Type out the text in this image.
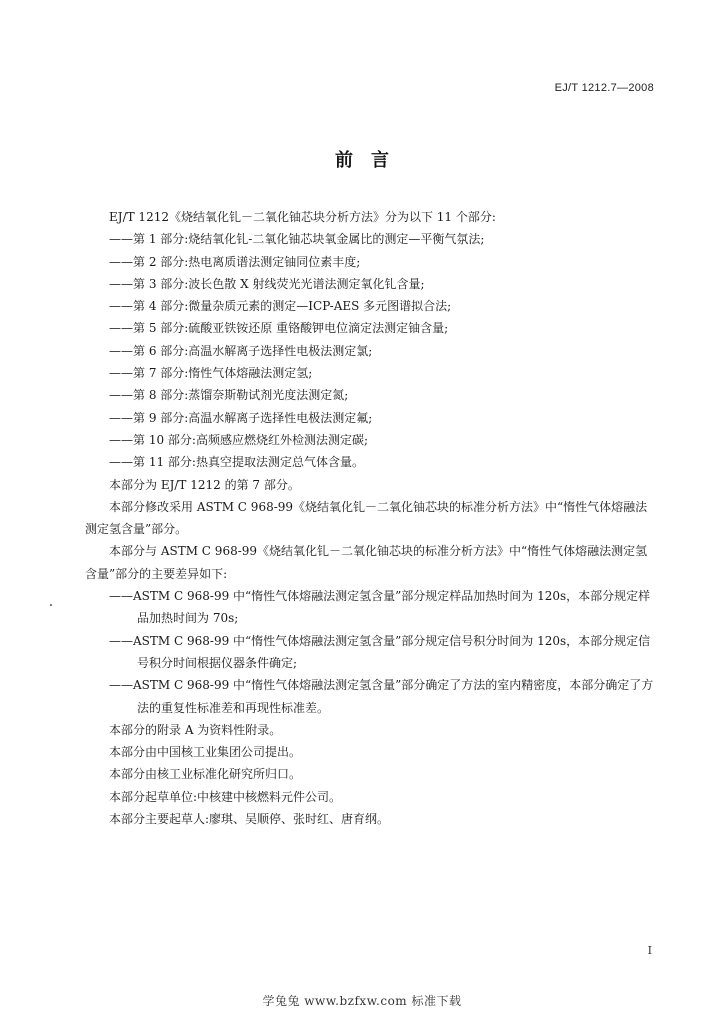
EJ/T 1212.7—2008
前言
EJ/T 1212《烧结氧化钆－二氧化铀芯块分析方法》分为以下 11 个部分:
——第 1 部分:烧结氧化钆-二氧化铀芯块氧金属比的测定—平衡气氛法;
——第 2 部分:热电离质谱法测定铀同位素丰度;
——第 3 部分:波长色散 X 射线荧光光谱法测定氧化钆含量;
——第 4 部分:微量杂质元素的测定—ICP-AES 多元图谱拟合法;
——第 5 部分:硫酸亚铁铵还原 重铬酸钾电位滴定法测定铀含量;
——第 6 部分:高温水解离子选择性电极法测定氯;
——第 7 部分:惰性气体熔融法测定氢;
——第 8 部分:蒸馏奈斯勒试剂光度法测定氮;
——第 9 部分:高温水解离子选择性电极法测定氟;
——第 10 部分:高频感应燃烧红外检测法测定碳;
——第 11 部分:热真空提取法测定总气体含量。
本部分为 EJ/T 1212 的第 7 部分。
本部分修改采用 ASTM C 968-99《烧结氧化钆－二氧化铀芯块的标准分析方法》中“惰性气体熔融法测定氢含量”部分。
本部分与 ASTM C 968-99《烧结氧化钆－二氧化铀芯块的标准分析方法》中“惰性气体熔融法测定氢含量”部分的主要差异如下:
——ASTM C 968-99 中“惰性气体熔融法测定氢含量”部分规定样品加热时间为 120s，本部分规定样品加热时间为 70s;
——ASTM C 968-99 中“惰性气体熔融法测定氢含量”部分规定信号积分时间为 120s，本部分规定信号积分时间根据仪器条件确定;
——ASTM C 968-99 中“惰性气体熔融法测定氢含量”部分确定了方法的室内精密度，本部分确定了方法的重复性标准差和再现性标准差。
本部分的附录 A 为资料性附录。
本部分由中国核工业集团公司提出。
本部分由核工业标准化研究所归口。
本部分起草单位:中核建中核燃料元件公司。
本部分主要起草人:廖琪、吴顺停、张时红、唐育纲。
I
学兔兔 www.bzfxw.com 标准下载
